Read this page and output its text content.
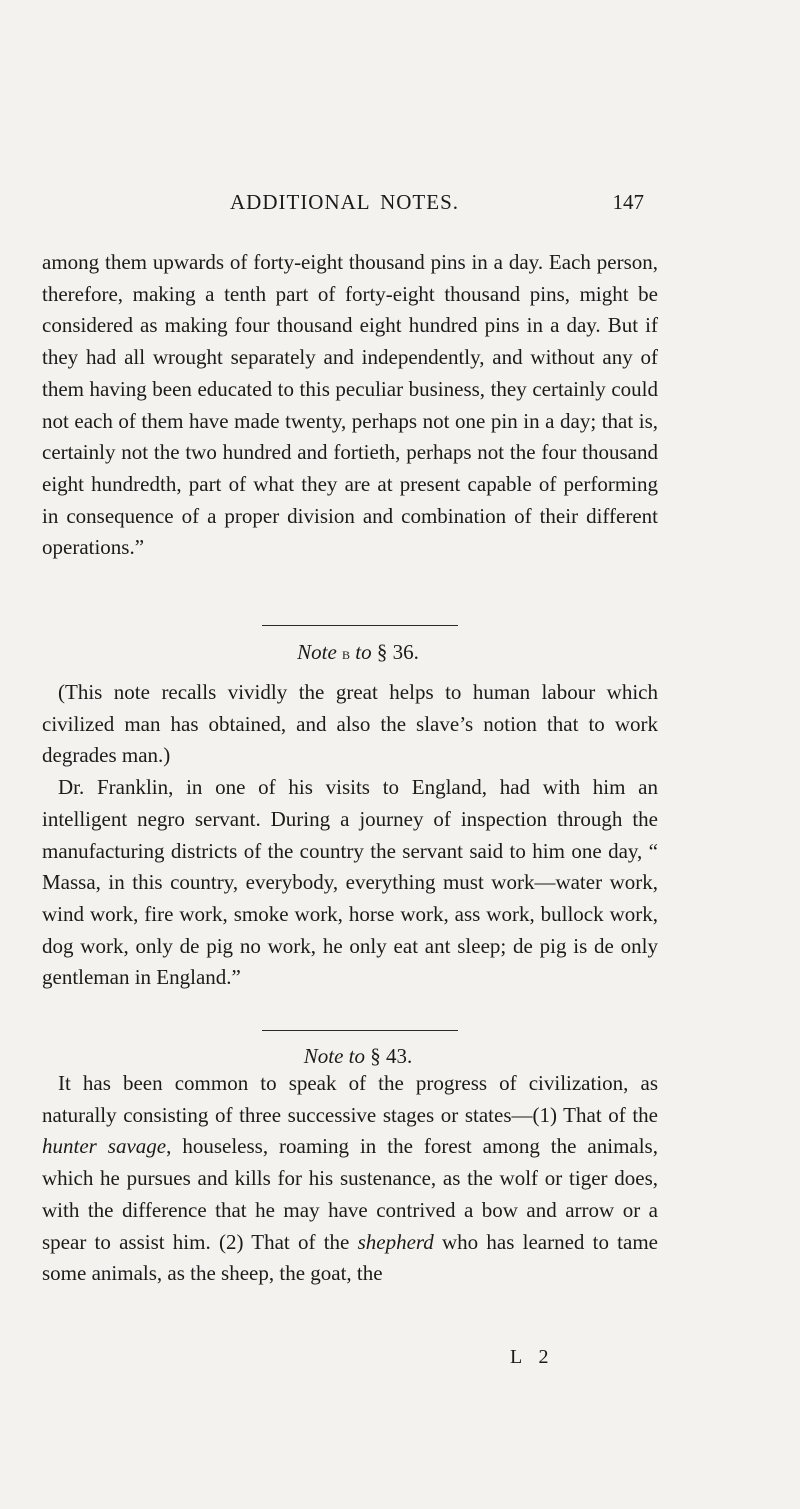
ADDITIONAL NOTES.	147
among them upwards of forty-eight thousand pins in a day. Each person, therefore, making a tenth part of forty-eight thousand pins, might be considered as making four thousand eight hundred pins in a day. But if they had all wrought separately and independently, and without any of them having been educated to this peculiar business, they certainly could not each of them have made twenty, perhaps not one pin in a day; that is, certainly not the two hundred and fortieth, perhaps not the four thousand eight hundredth, part of what they are at present capable of performing in consequence of a proper division and combination of their different operations.”
Note b to § 36.
(This note recalls vividly the great helps to human labour which civilized man has obtained, and also the slave’s notion that to work degrades man.)
Dr. Franklin, in one of his visits to England, had with him an intelligent negro servant. During a journey of inspection through the manufacturing districts of the country the servant said to him one day, “ Massa, in this country, everybody, everything must work—water work, wind work, fire work, smoke work, horse work, ass work, bullock work, dog work, only de pig no work, he only eat ant sleep; de pig is de only gentleman in England.”
Note to § 43.
It has been common to speak of the progress of civilization, as naturally consisting of three successive stages or states—(1) That of the hunter savage, houseless, roaming in the forest among the animals, which he pursues and kills for his sustenance, as the wolf or tiger does, with the difference that he may have contrived a bow and arrow or a spear to assist him. (2) That of the shepherd who has learned to tame some animals, as the sheep, the goat, the
L 2
